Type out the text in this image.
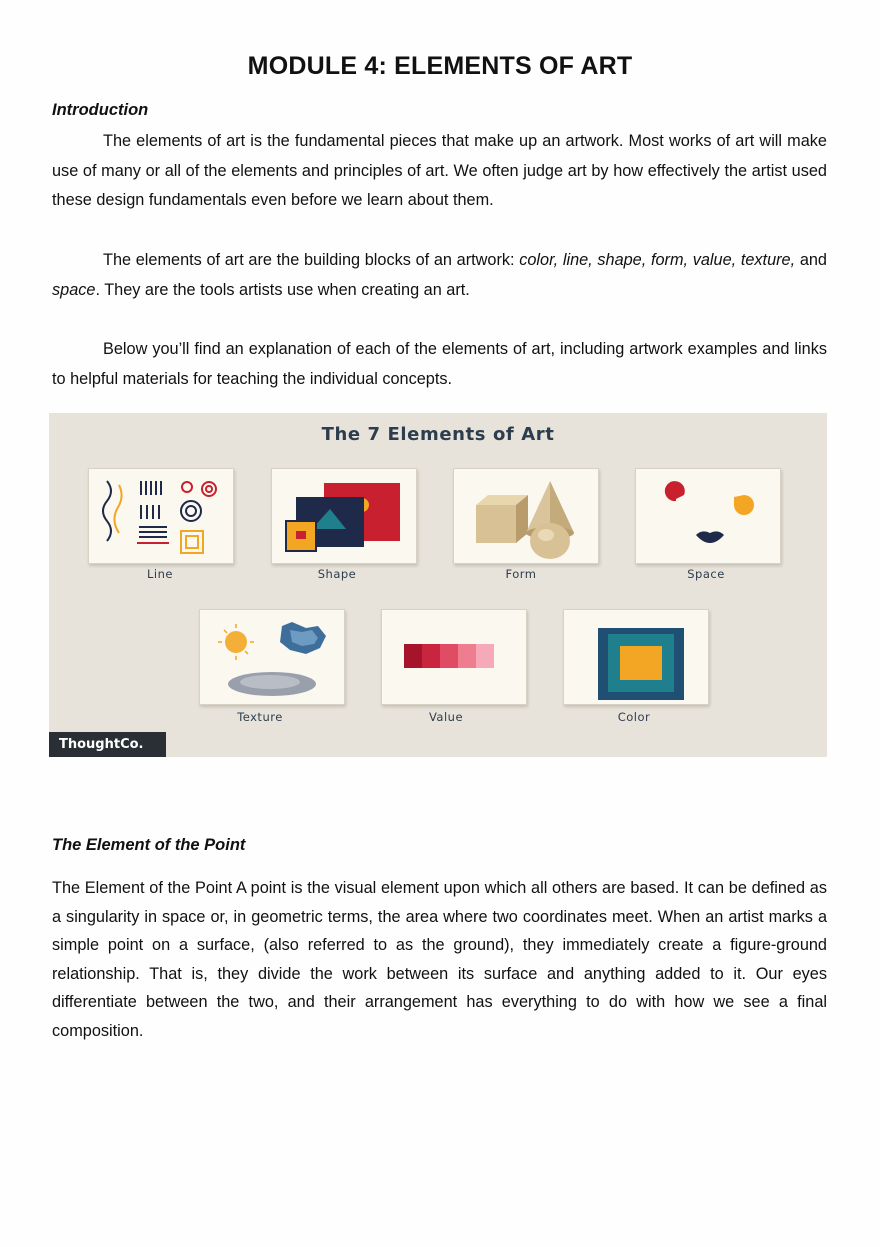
MODULE 4: ELEMENTS OF ART
Introduction
The elements of art is the fundamental pieces that make up an artwork. Most works of art will make use of many or all of the elements and principles of art. We often judge art by how effectively the artist used these design fundamentals even before we learn about them.
The elements of art are the building blocks of an artwork: color, line, shape, form, value, texture, and space. They are the tools artists use when creating an art.
Below you’ll find an explanation of each of the elements of art, including artwork examples and links to helpful materials for teaching the individual concepts.
The 7 Elements of Art
Line	Shape	Form	Space
Texture	Value	Color
ThoughtCo.
The Element of the Point
The Element of the Point A point is the visual element upon which all others are based. It can be defined as a singularity in space or, in geometric terms, the area where two coordinates meet. When an artist marks a simple point on a surface, (also referred to as the ground), they immediately create a figure-ground relationship. That is, they divide the work between its surface and anything added to it. Our eyes differentiate between the two, and their arrangement has everything to do with how we see a final composition.
